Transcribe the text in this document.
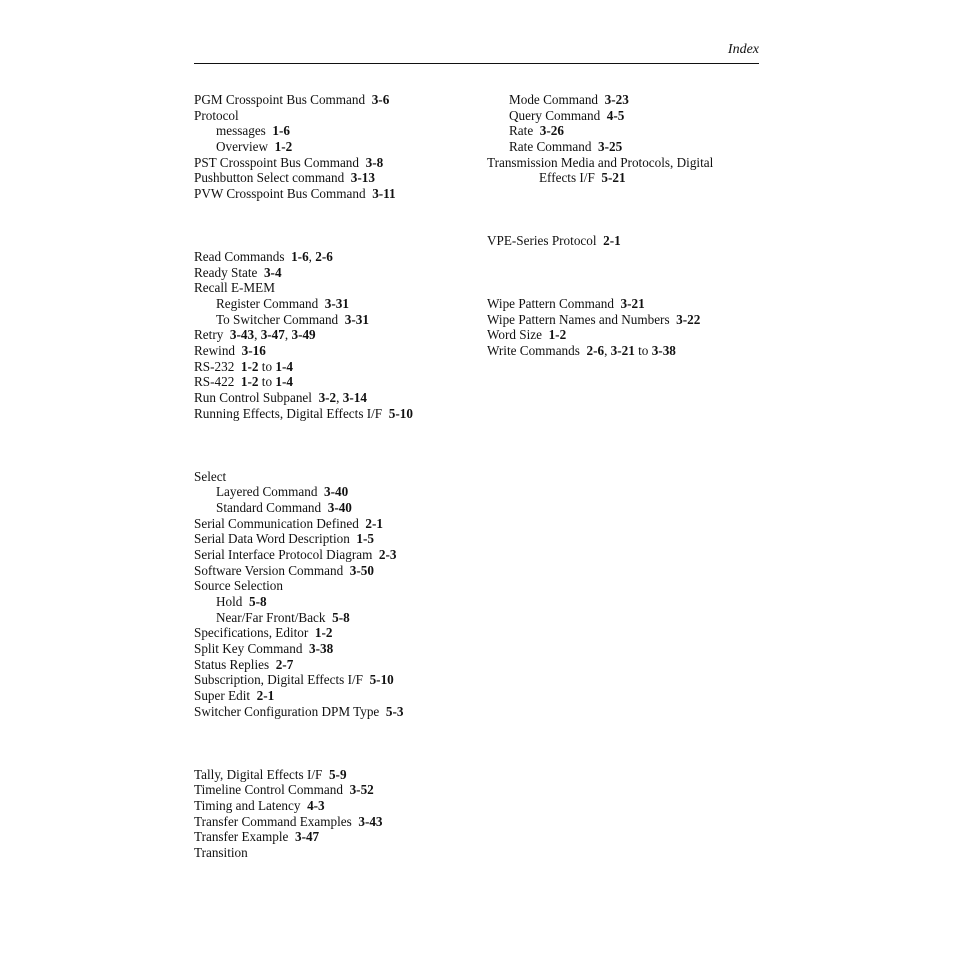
Index
PGM Crosspoint Bus Command 3-6
Protocol
messages 1-6
Overview 1-2
PST Crosspoint Bus Command 3-8
Pushbutton Select command 3-13
PVW Crosspoint Bus Command 3-11
Read Commands 1-6, 2-6
Ready State 3-4
Recall E-MEM
Register Command 3-31
To Switcher Command 3-31
Retry 3-43, 3-47, 3-49
Rewind 3-16
RS-232 1-2 to 1-4
RS-422 1-2 to 1-4
Run Control Subpanel 3-2, 3-14
Running Effects, Digital Effects I/F 5-10
Select
Layered Command 3-40
Standard Command 3-40
Serial Communication Defined 2-1
Serial Data Word Description 1-5
Serial Interface Protocol Diagram 2-3
Software Version Command 3-50
Source Selection
Hold 5-8
Near/Far Front/Back 5-8
Specifications, Editor 1-2
Split Key Command 3-38
Status Replies 2-7
Subscription, Digital Effects I/F 5-10
Super Edit 2-1
Switcher Configuration DPM Type 5-3
Tally, Digital Effects I/F 5-9
Timeline Control Command 3-52
Timing and Latency 4-3
Transfer Command Examples 3-43
Transfer Example 3-47
Transition
Mode Command 3-23
Query Command 4-5
Rate 3-26
Rate Command 3-25
Transmission Media and Protocols, Digital
Effects I/F 5-21
VPE-Series Protocol 2-1
Wipe Pattern Command 3-21
Wipe Pattern Names and Numbers 3-22
Word Size 1-2
Write Commands 2-6, 3-21 to 3-38
